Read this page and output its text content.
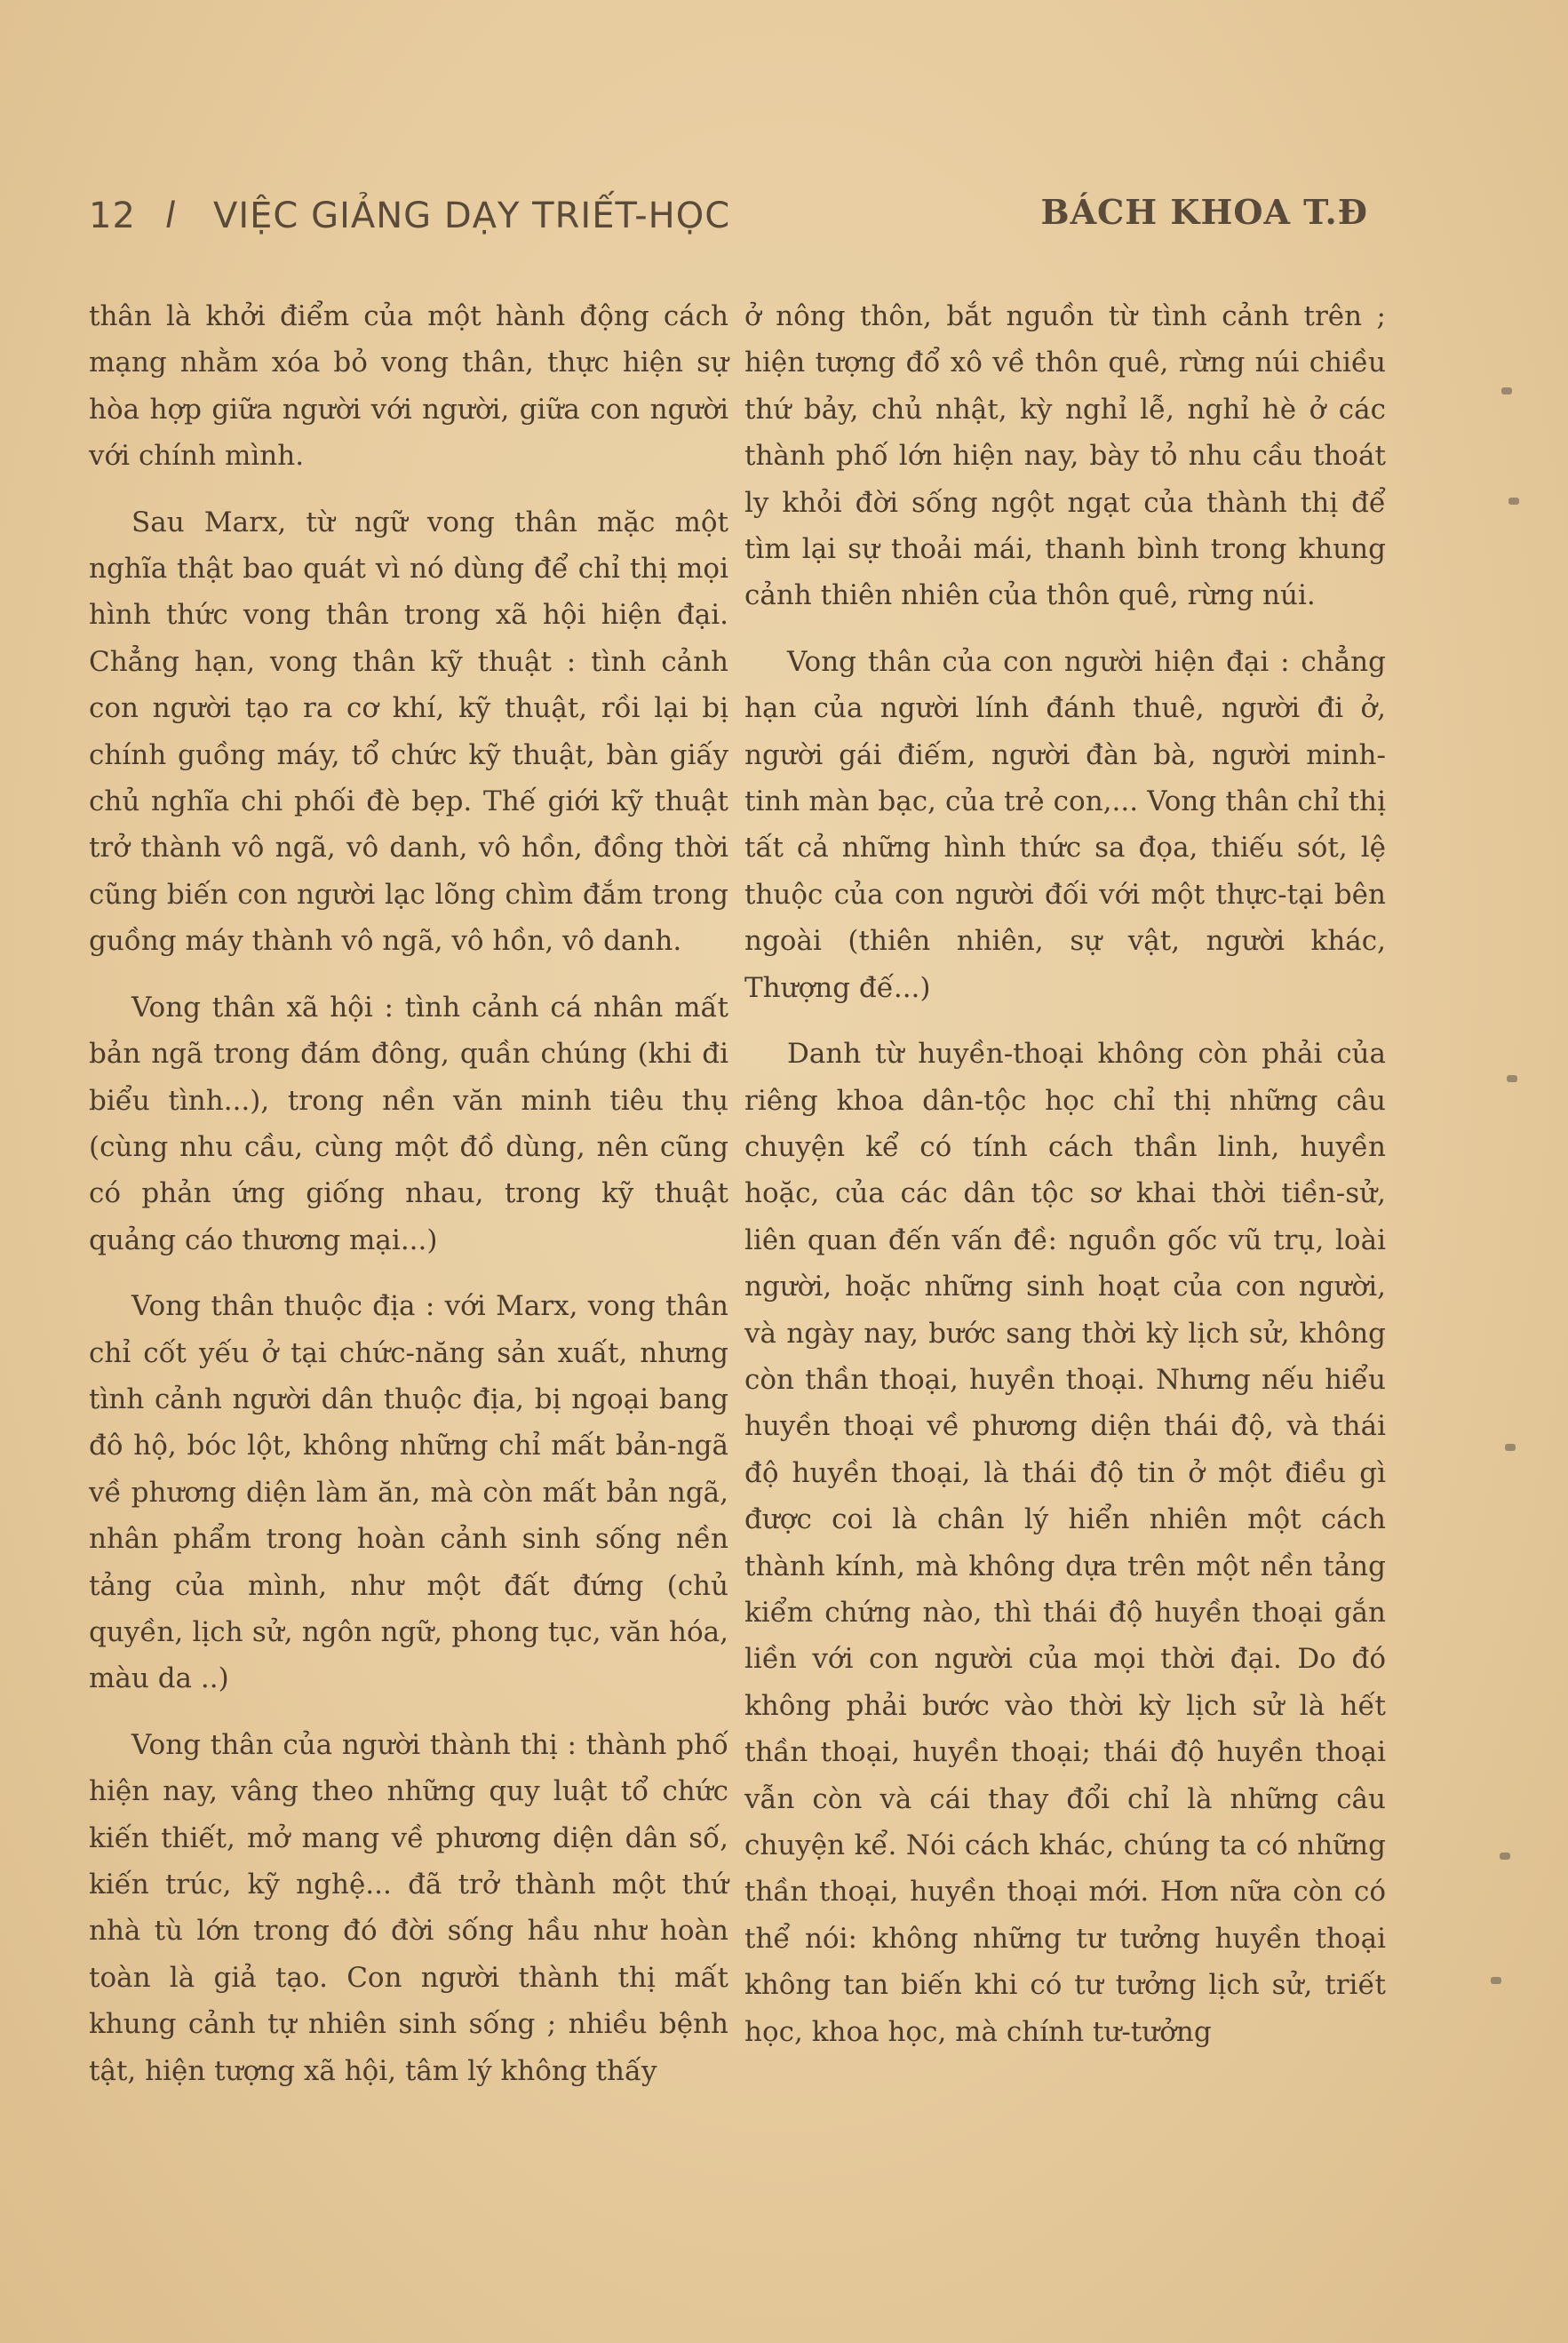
12 l VIỆC GIẢNG DẠY TRIẾT-HỌC	BÁCH KHOA T.Đ

thân là khởi điểm của một hành động cách mạng nhằm xóa bỏ vong thân, thực hiện sự hòa hợp giữa người với người, giữa con người với chính mình.

Sau Marx, từ ngữ vong thân mặc một nghĩa thật bao quát vì nó dùng để chỉ thị mọi hình thức vong thân trong xã hội hiện đại. Chẳng hạn, vong thân kỹ thuật : tình cảnh con người tạo ra cơ khí, kỹ thuật, rồi lại bị chính guồng máy, tổ chức kỹ thuật, bàn giấy chủ nghĩa chi phối đè bẹp. Thế giới kỹ thuật trở thành vô ngã, vô danh, vô hồn, đồng thời cũng biến con người lạc lõng chìm đắm trong guồng máy thành vô ngã, vô hồn, vô danh.

Vong thân xã hội : tình cảnh cá nhân mất bản ngã trong đám đông, quần chúng (khi đi biểu tình...), trong nền văn minh tiêu thụ (cùng nhu cầu, cùng một đồ dùng, nên cũng có phản ứng giống nhau, trong kỹ thuật quảng cáo thương mại...)

Vong thân thuộc địa : với Marx, vong thân chỉ cốt yếu ở tại chức-năng sản xuất, nhưng tình cảnh người dân thuộc địa, bị ngoại bang đô hộ, bóc lột, không những chỉ mất bản-ngã về phương diện làm ăn, mà còn mất bản ngã, nhân phẩm trong hoàn cảnh sinh sống nền tảng của mình, như một đất đứng (chủ quyền, lịch sử, ngôn ngữ, phong tục, văn hóa, màu da ..)

Vong thân của người thành thị : thành phố hiện nay, vâng theo những quy luật tổ chức kiến thiết, mở mang về phương diện dân số, kiến trúc, kỹ nghệ... đã trở thành một thứ nhà tù lớn trong đó đời sống hầu như hoàn toàn là giả tạo. Con người thành thị mất khung cảnh tự nhiên sinh sống ; nhiều bệnh tật, hiện tượng xã hội, tâm lý không thấy

ở nông thôn, bắt nguồn từ tình cảnh trên ; hiện tượng đổ xô về thôn quê, rừng núi chiều thứ bảy, chủ nhật, kỳ nghỉ lễ, nghỉ hè ở các thành phố lớn hiện nay, bày tỏ nhu cầu thoát ly khỏi đời sống ngột ngạt của thành thị để tìm lại sự thoải mái, thanh bình trong khung cảnh thiên nhiên của thôn quê, rừng núi.

Vong thân của con người hiện đại : chẳng hạn của người lính đánh thuê, người đi ở, người gái điếm, người đàn bà, người minh-tinh màn bạc, của trẻ con,... Vong thân chỉ thị tất cả những hình thức sa đọa, thiếu sót, lệ thuộc của con người đối với một thực-tại bên ngoài (thiên nhiên, sự vật, người khác, Thượng đế...)

Danh từ huyền-thoại không còn phải của riêng khoa dân-tộc học chỉ thị những câu chuyện kể có tính cách thần linh, huyền hoặc, của các dân tộc sơ khai thời tiền-sử, liên quan đến vấn đề: nguồn gốc vũ trụ, loài người, hoặc những sinh hoạt của con người, và ngày nay, bước sang thời kỳ lịch sử, không còn thần thoại, huyền thoại. Nhưng nếu hiểu huyền thoại về phương diện thái độ, và thái độ huyền thoại, là thái độ tin ở một điều gì được coi là chân lý hiển nhiên một cách thành kính, mà không dựa trên một nền tảng kiểm chứng nào, thì thái độ huyền thoại gắn liền với con người của mọi thời đại. Do đó không phải bước vào thời kỳ lịch sử là hết thần thoại, huyền thoại; thái độ huyền thoại vẫn còn và cái thay đổi chỉ là những câu chuyện kể. Nói cách khác, chúng ta có những thần thoại, huyền thoại mới. Hơn nữa còn có thể nói: không những tư tưởng huyền thoại không tan biến khi có tư tưởng lịch sử, triết học, khoa học, mà chính tư-tưởng
